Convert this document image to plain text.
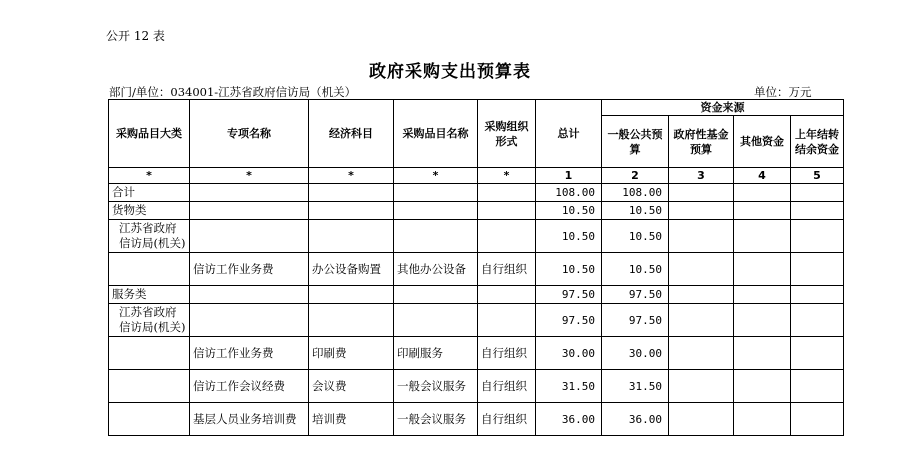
公开 12 表
政府采购支出预算表
部门/单位：034001-江苏省政府信访局（机关）	单位：万元
采购品目大类	专项名称	经济科目	采购品目名称	采购组织形式	总计	资金来源			
						一般公共预算	政府性基金预算	其他资金	上年结转结余资金
*	*	*	*	*	1	2	3	4	5
合计					108.00	108.00			
货物类					10.50	10.50			
江苏省政府信访局(机关)					10.50	10.50			
	信访工作业务费	办公设备购置	其他办公设备	自行组织	10.50	10.50			
服务类					97.50	97.50			
江苏省政府信访局(机关)					97.50	97.50			
	信访工作业务费	印刷费	印刷服务	自行组织	30.00	30.00			
	信访工作会议经费	会议费	一般会议服务	自行组织	31.50	31.50			
	基层人员业务培训费	培训费	一般会议服务	自行组织	36.00	36.00			
